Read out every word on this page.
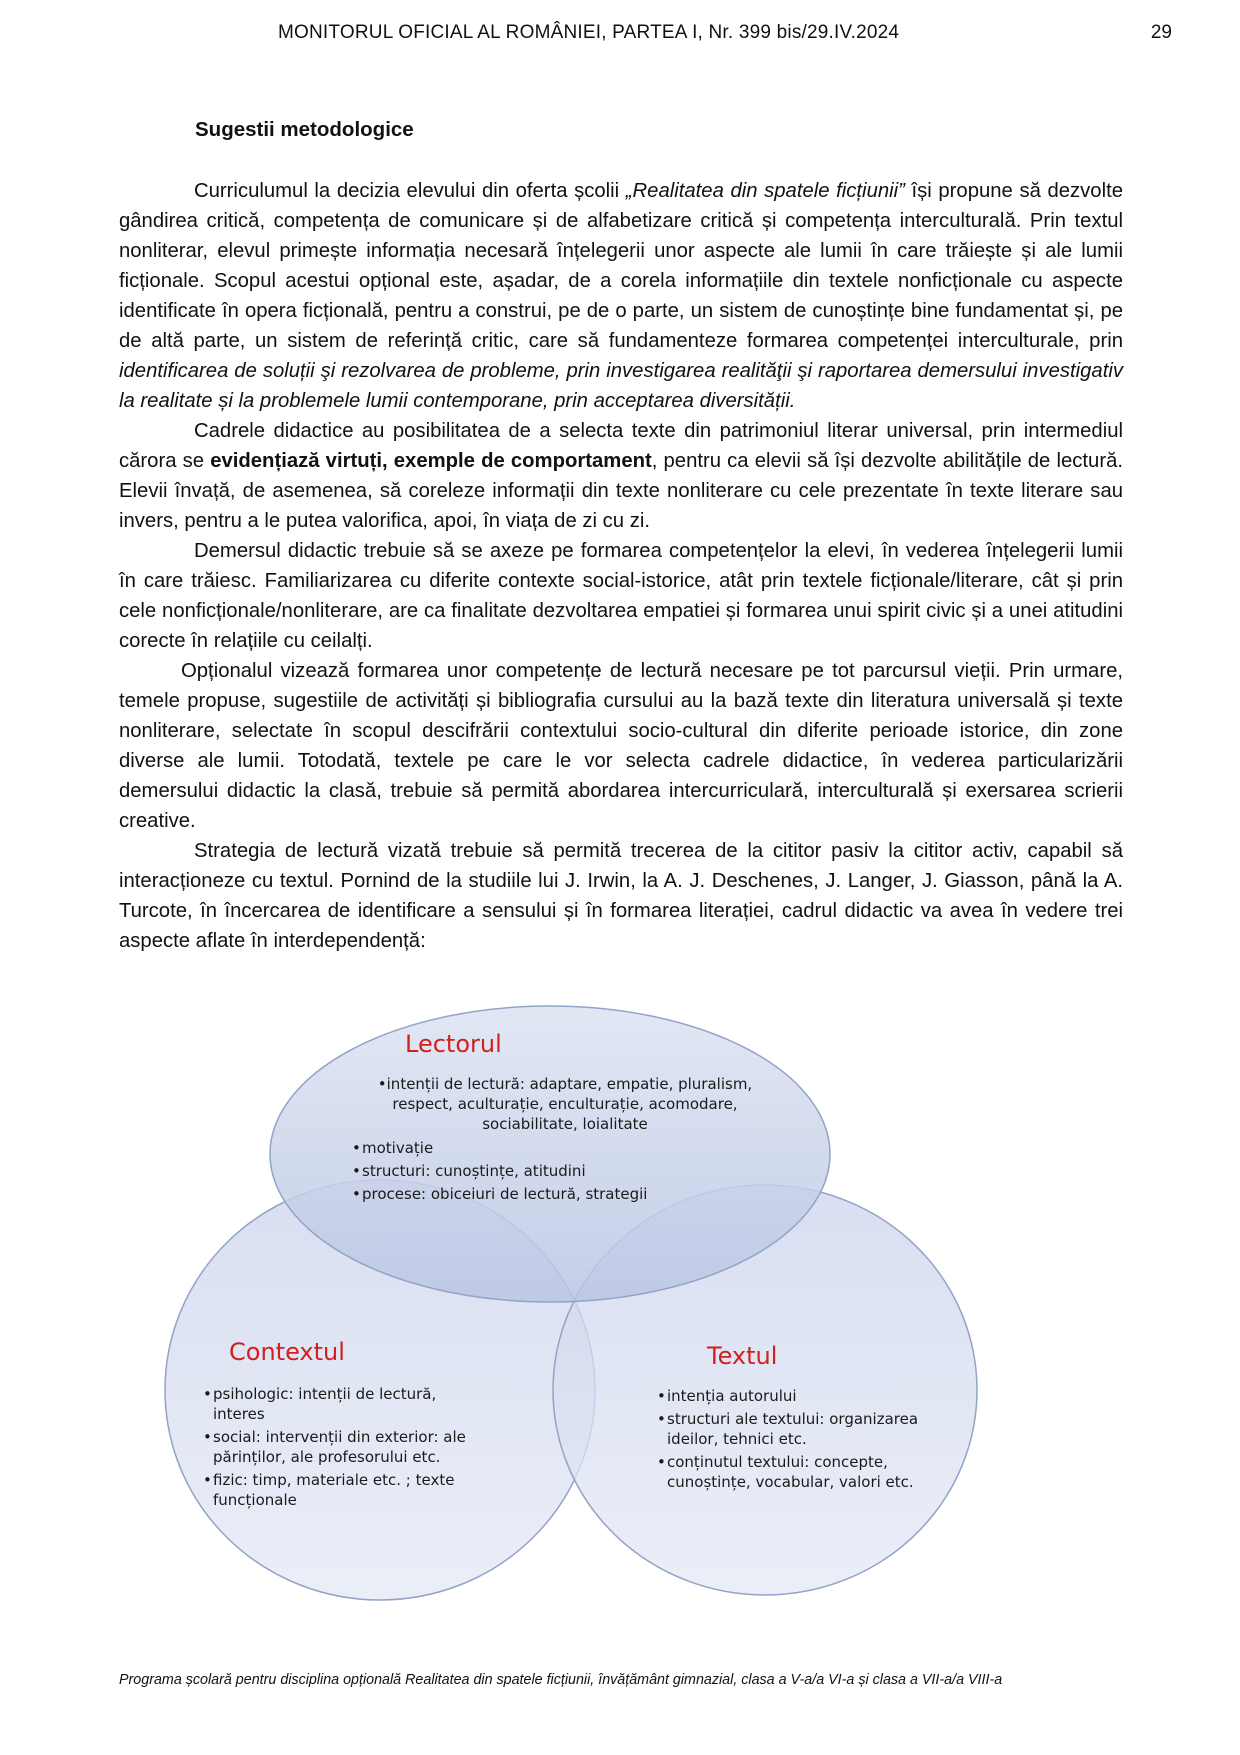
MONITORUL OFICIAL AL ROMÂNIEI, PARTEA I, Nr. 399 bis/29.IV.2024	29
Sugestii metodologice

Curriculumul la decizia elevului din oferta școlii „Realitatea din spatele ficțiunii” își propune să dezvolte gândirea critică, competența de comunicare și de alfabetizare critică și competența interculturală. Prin textul nonliterar, elevul primește informația necesară înțelegerii unor aspecte ale lumii în care trăiește și ale lumii ficționale. Scopul acestui opțional este, așadar, de a corela informațiile din textele nonficționale cu aspecte identificate în opera ficțională, pentru a construi, pe de o parte, un sistem de cunoștințe bine fundamentat și, pe de altă parte, un sistem de referință critic, care să fundamenteze formarea competenței interculturale, prin identificarea de soluții şi rezolvarea de probleme, prin investigarea realităţii şi raportarea demersului investigativ la realitate și la problemele lumii contemporane, prin acceptarea diversității.

Cadrele didactice au posibilitatea de a selecta texte din patrimoniul literar universal, prin intermediul cărora se evidențiază virtuți, exemple de comportament, pentru ca elevii să își dezvolte abilitățile de lectură. Elevii învață, de asemenea, să coreleze informații din texte nonliterare cu cele prezentate în texte literare sau invers, pentru a le putea valorifica, apoi, în viața de zi cu zi.

Demersul didactic trebuie să se axeze pe formarea competențelor la elevi, în vederea înțelegerii lumii în care trăiesc. Familiarizarea cu diferite contexte social-istorice, atât prin textele ficționale/literare, cât și prin cele nonficționale/nonliterare, are ca finalitate dezvoltarea empatiei și formarea unui spirit civic și a unei atitudini corecte în relațiile cu ceilalți.

Opționalul vizează formarea unor competențe de lectură necesare pe tot parcursul vieții. Prin urmare, temele propuse, sugestiile de activități și bibliografia cursului au la bază texte din literatura universală și texte nonliterare, selectate în scopul descifrării contextului socio-cultural din diferite perioade istorice, din zone diverse ale lumii. Totodată, textele pe care le vor selecta cadrele didactice, în vederea particularizării demersului didactic la clasă, trebuie să permită abordarea intercurriculară, interculturală și exersarea scrierii creative.

Strategia de lectură vizată trebuie să permită trecerea de la cititor pasiv la cititor activ, capabil să interacționeze cu textul. Pornind de la studiile lui J. Irwin, la A. J. Deschenes, J. Langer, J. Giasson, până la A. Turcote, în încercarea de identificare a sensului și în formarea literației, cadrul didactic va avea în vedere trei aspecte aflate în interdependență:

Lectorul
• intenții de lectură: adaptare, empatie, pluralism, respect, aculturație, enculturație, acomodare, sociabilitate, loialitate
• motivație
• structuri: cunoștințe, atitudini
• procese: obiceiuri de lectură, strategii
Contextul
• psihologic: intenții de lectură, interes
• social: intervenții din exterior: ale părinților, ale profesorului etc.
• fizic: timp, materiale etc. ; texte funcționale
Textul
• intenția autorului
• structuri ale textului: organizarea ideilor, tehnici etc.
• conținutul textului: concepte, cunoștințe, vocabular, valori etc.
Programa școlară pentru disciplina opțională Realitatea din spatele ficțiunii, învățământ gimnazial, clasa a V-a/a VI-a și clasa a VII-a/a VIII-a
